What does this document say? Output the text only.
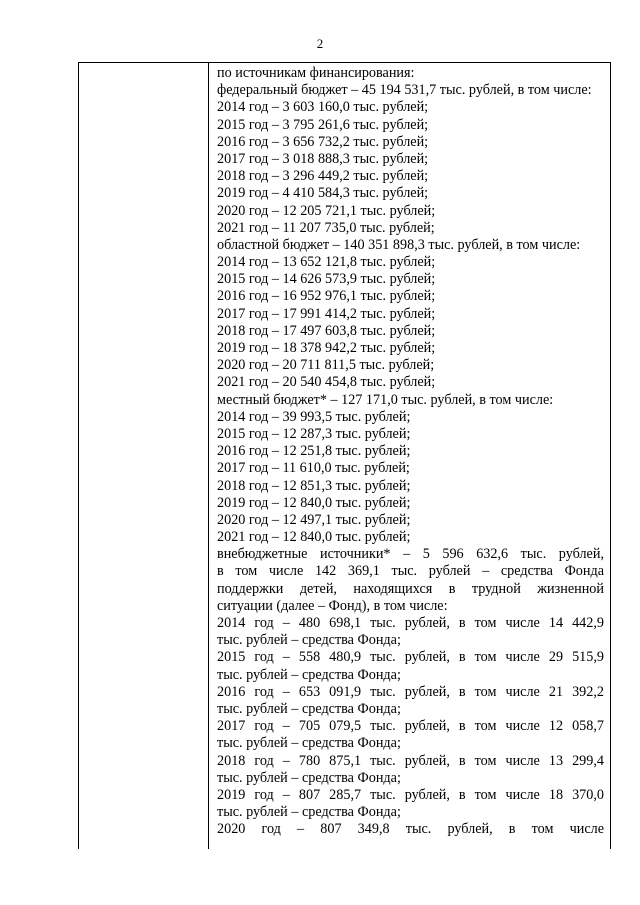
2
по источникам финансирования:
федеральный бюджет – 45 194 531,7 тыс. рублей, в том числе:
2014 год – 3 603 160,0 тыс. рублей;
2015 год – 3 795 261,6 тыс. рублей;
2016 год – 3 656 732,2 тыс. рублей;
2017 год – 3 018 888,3 тыс. рублей;
2018 год – 3 296 449,2 тыс. рублей;
2019 год – 4 410 584,3 тыс. рублей;
2020 год – 12 205 721,1 тыс. рублей;
2021 год – 11 207 735,0 тыс. рублей;
областной бюджет – 140 351 898,3 тыс. рублей, в том числе:
2014 год – 13 652 121,8 тыс. рублей;
2015 год – 14 626 573,9 тыс. рублей;
2016 год – 16 952 976,1 тыс. рублей;
2017 год – 17 991 414,2 тыс. рублей;
2018 год – 17 497 603,8 тыс. рублей;
2019 год – 18 378 942,2 тыс. рублей;
2020 год – 20 711 811,5 тыс. рублей;
2021 год – 20 540 454,8 тыс. рублей;
местный бюджет* – 127 171,0 тыс. рублей, в том числе:
2014 год – 39 993,5 тыс. рублей;
2015 год – 12 287,3 тыс. рублей;
2016 год – 12 251,8 тыс. рублей;
2017 год – 11 610,0 тыс. рублей;
2018 год – 12 851,3 тыс. рублей;
2019 год – 12 840,0 тыс. рублей;
2020 год – 12 497,1 тыс. рублей;
2021 год – 12 840,0 тыс. рублей;
внебюджетные источники* – 5 596 632,6 тыс. рублей,
в том числе 142 369,1 тыс. рублей – средства Фонда
поддержки детей, находящихся в трудной жизненной
ситуации (далее – Фонд), в том числе:
2014 год – 480 698,1 тыс. рублей, в том числе 14 442,9
тыс. рублей – средства Фонда;
2015 год – 558 480,9 тыс. рублей, в том числе 29 515,9
тыс. рублей – средства Фонда;
2016 год – 653 091,9 тыс. рублей, в том числе 21 392,2
тыс. рублей – средства Фонда;
2017 год – 705 079,5 тыс. рублей, в том числе 12 058,7
тыс. рублей – средства Фонда;
2018 год – 780 875,1 тыс. рублей, в том числе 13 299,4
тыс. рублей – средства Фонда;
2019 год – 807 285,7 тыс. рублей, в том числе 18 370,0
тыс. рублей – средства Фонда;
2020 год – 807 349,8 тыс. рублей, в том числе
